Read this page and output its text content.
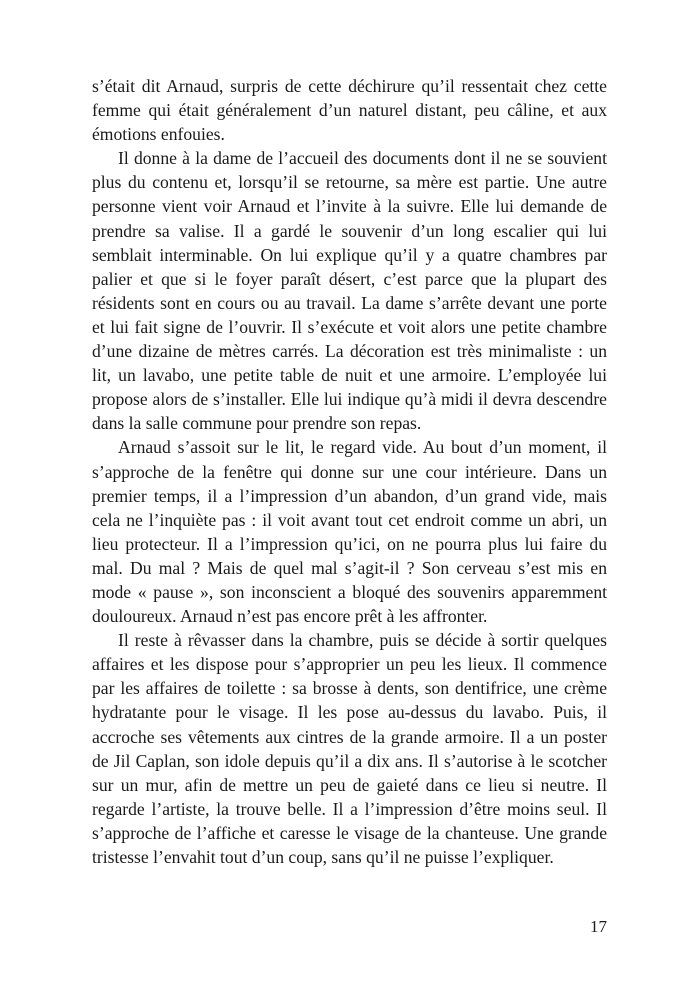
s’était dit Arnaud, surpris de cette déchirure qu’il ressentait chez cette femme qui était généralement d’un naturel distant, peu câline, et aux émotions enfouies.

Il donne à la dame de l’accueil des documents dont il ne se souvient plus du contenu et, lorsqu’il se retourne, sa mère est partie. Une autre personne vient voir Arnaud et l’invite à la suivre. Elle lui demande de prendre sa valise. Il a gardé le souvenir d’un long escalier qui lui semblait interminable. On lui explique qu’il y a quatre chambres par palier et que si le foyer paraît désert, c’est parce que la plupart des résidents sont en cours ou au travail. La dame s’arrête devant une porte et lui fait signe de l’ouvrir. Il s’exécute et voit alors une petite chambre d’une dizaine de mètres carrés. La décoration est très minimaliste : un lit, un lavabo, une petite table de nuit et une armoire. L’employée lui propose alors de s’installer. Elle lui indique qu’à midi il devra descendre dans la salle commune pour prendre son repas.

Arnaud s’assoit sur le lit, le regard vide. Au bout d’un moment, il s’approche de la fenêtre qui donne sur une cour intérieure. Dans un premier temps, il a l’impression d’un abandon, d’un grand vide, mais cela ne l’inquiète pas : il voit avant tout cet endroit comme un abri, un lieu protecteur. Il a l’impression qu’ici, on ne pourra plus lui faire du mal. Du mal ? Mais de quel mal s’agit-il ? Son cerveau s’est mis en mode « pause », son inconscient a bloqué des souvenirs apparemment douloureux. Arnaud n’est pas encore prêt à les affronter.

Il reste à rêvasser dans la chambre, puis se décide à sortir quelques affaires et les dispose pour s’approprier un peu les lieux. Il commence par les affaires de toilette : sa brosse à dents, son dentifrice, une crème hydratante pour le visage. Il les pose au-dessus du lavabo. Puis, il accroche ses vêtements aux cintres de la grande armoire. Il a un poster de Jil Caplan, son idole depuis qu’il a dix ans. Il s’autorise à le scotcher sur un mur, afin de mettre un peu de gaieté dans ce lieu si neutre. Il regarde l’artiste, la trouve belle. Il a l’impression d’être moins seul. Il s’approche de l’affiche et caresse le visage de la chanteuse. Une grande tristesse l’envahit tout d’un coup, sans qu’il ne puisse l’expliquer.

17
